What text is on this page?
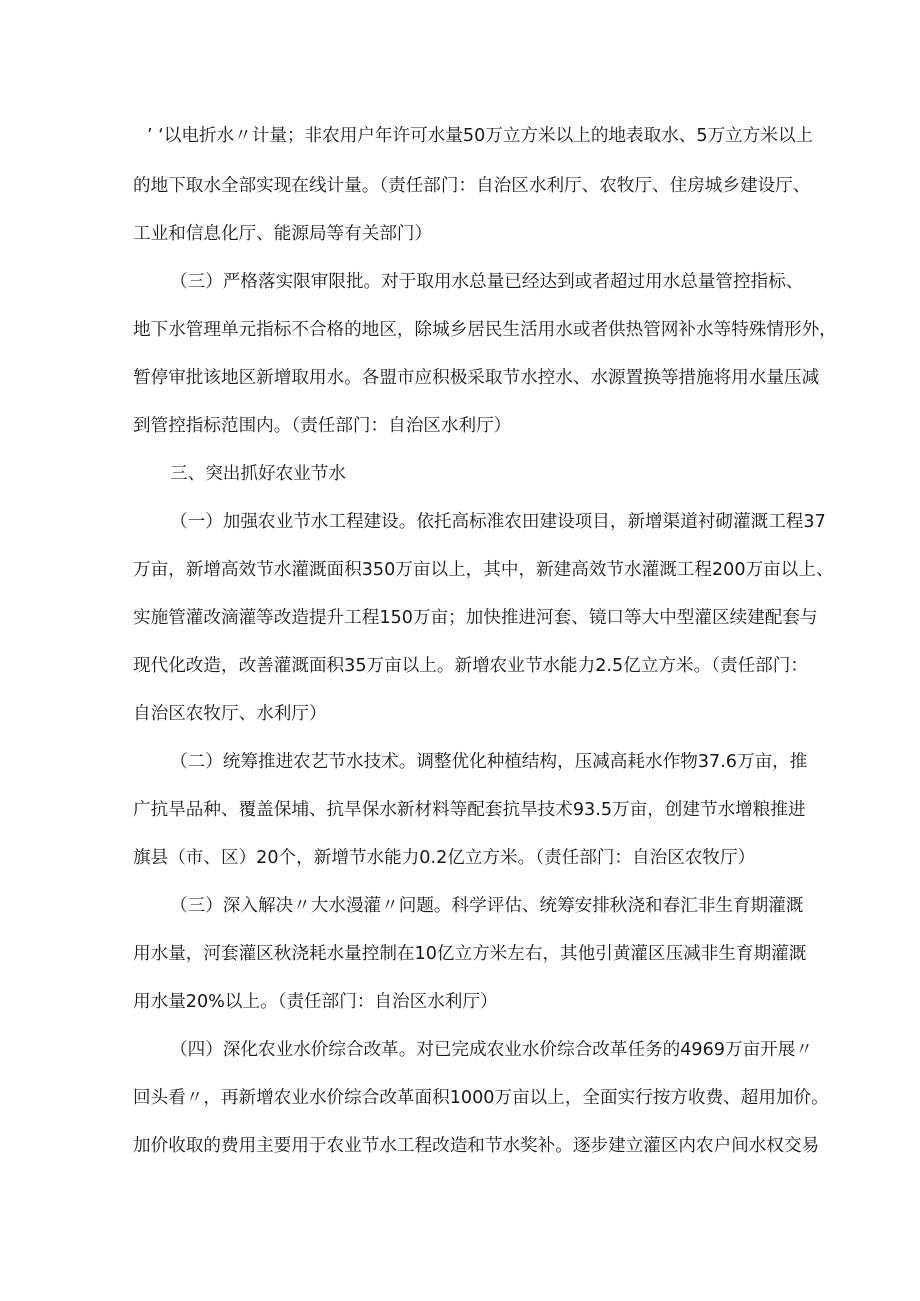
’ ‘以电折水〃计量；非农用户年许可水量50万立方米以上的地表取水、5万立方米以上
的地下取水全部实现在线计量。（责任部门：自治区水利厅、农牧厅、住房城乡建设厅、
工业和信息化厅、能源局等有关部门）
（三）严格落实限审限批。对于取用水总量已经达到或者超过用水总量管控指标、
地下水管理单元指标不合格的地区，除城乡居民生活用水或者供热管网补水等特殊情形外，
暂停审批该地区新增取用水。各盟市应积极采取节水控水、水源置换等措施将用水量压减
到管控指标范围内。（责任部门：自治区水利厅）
三、突出抓好农业节水
（一）加强农业节水工程建设。依托高标准农田建设项目，新增渠道衬砌灌溉工程37
万亩，新增高效节水灌溉面积350万亩以上，其中，新建高效节水灌溉工程200万亩以上、
实施管灌改滴灌等改造提升工程150万亩；加快推进河套、镜口等大中型灌区续建配套与
现代化改造，改善灌溉面积35万亩以上。新增农业节水能力2.5亿立方米。（责任部门：
自治区农牧厅、水利厅）
（二）统筹推进农艺节水技术。调整优化种植结构，压减高耗水作物37.6万亩，推
广抗旱品种、覆盖保埔、抗旱保水新材料等配套抗旱技术93.5万亩，创建节水增粮推进
旗县（市、区）20个，新增节水能力0.2亿立方米。（责任部门：自治区农牧厅）
（三）深入解决〃大水漫灌〃问题。科学评估、统筹安排秋浇和春汇非生育期灌溉
用水量，河套灌区秋浇耗水量控制在10亿立方米左右，其他引黄灌区压减非生育期灌溉
用水量20%以上。（责任部门：自治区水利厅）
（四）深化农业水价综合改革。对已完成农业水价综合改革任务的4969万亩开展〃
回头看〃，再新增农业水价综合改革面积1000万亩以上，全面实行按方收费、超用加价。
加价收取的费用主要用于农业节水工程改造和节水奖补。逐步建立灌区内农户间水权交易
